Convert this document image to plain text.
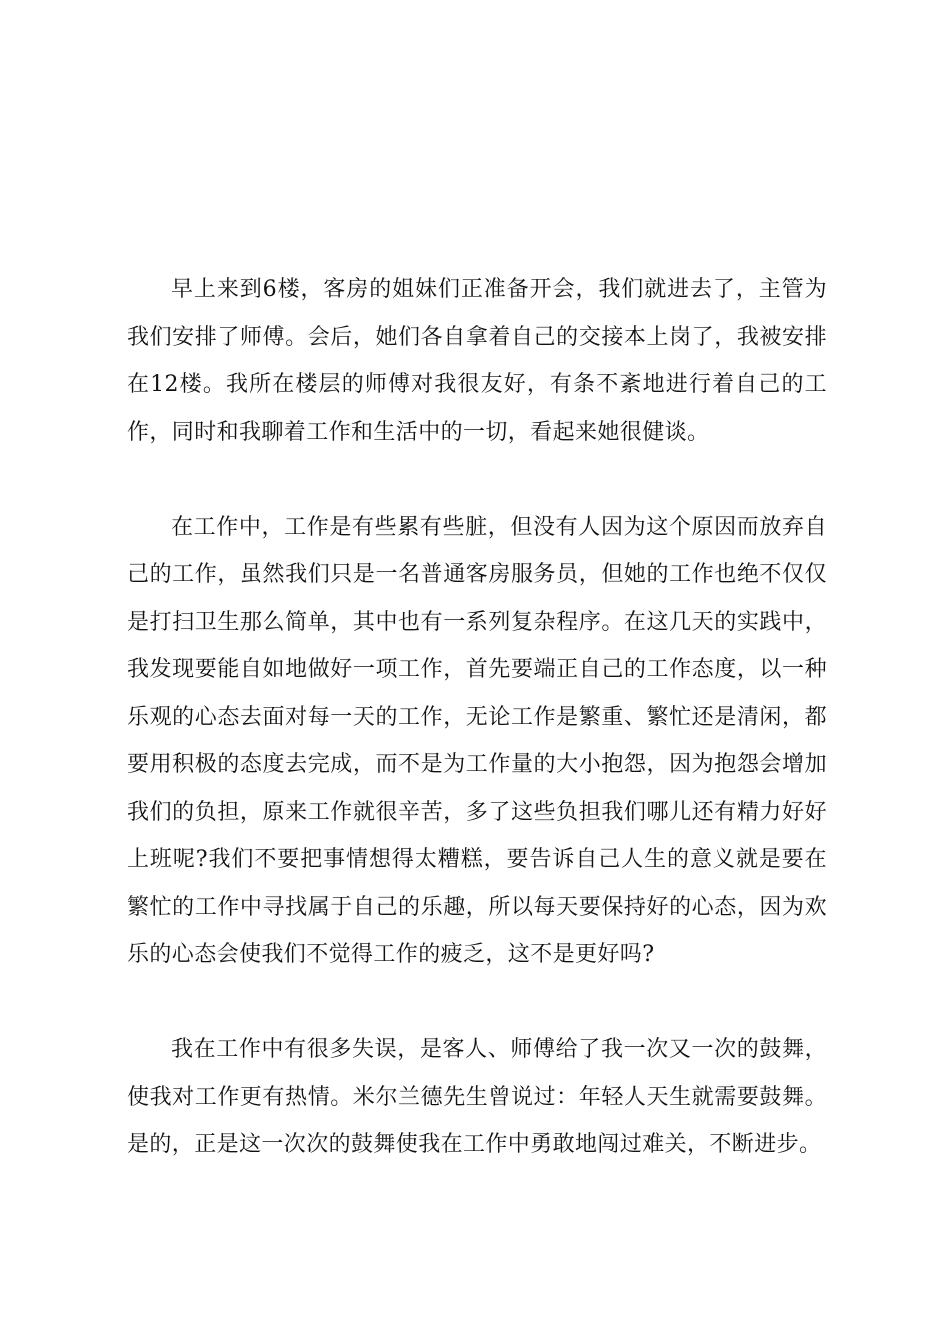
早上来到6楼，客房的姐妹们正准备开会，我们就进去了，主管为我们安排了师傅。会后，她们各自拿着自己的交接本上岗了，我被安排在12楼。我所在楼层的师傅对我很友好，有条不紊地进行着自己的工作，同时和我聊着工作和生活中的一切，看起来她很健谈。

在工作中，工作是有些累有些脏，但没有人因为这个原因而放弃自己的工作，虽然我们只是一名普通客房服务员，但她的工作也绝不仅仅是打扫卫生那么简单，其中也有一系列复杂程序。在这几天的实践中，我发现要能自如地做好一项工作，首先要端正自己的工作态度，以一种乐观的心态去面对每一天的工作，无论工作是繁重、繁忙还是清闲，都要用积极的态度去完成，而不是为工作量的大小抱怨，因为抱怨会增加我们的负担，原来工作就很辛苦，多了这些负担我们哪儿还有精力好好上班呢?我们不要把事情想得太糟糕，要告诉自己人生的意义就是要在繁忙的工作中寻找属于自己的乐趣，所以每天要保持好的心态，因为欢乐的心态会使我们不觉得工作的疲乏，这不是更好吗?

我在工作中有很多失误，是客人、师傅给了我一次又一次的鼓舞，使我对工作更有热情。米尔兰德先生曾说过：年轻人天生就需要鼓舞。是的，正是这一次次的鼓舞使我在工作中勇敢地闯过难关，不断进步。
